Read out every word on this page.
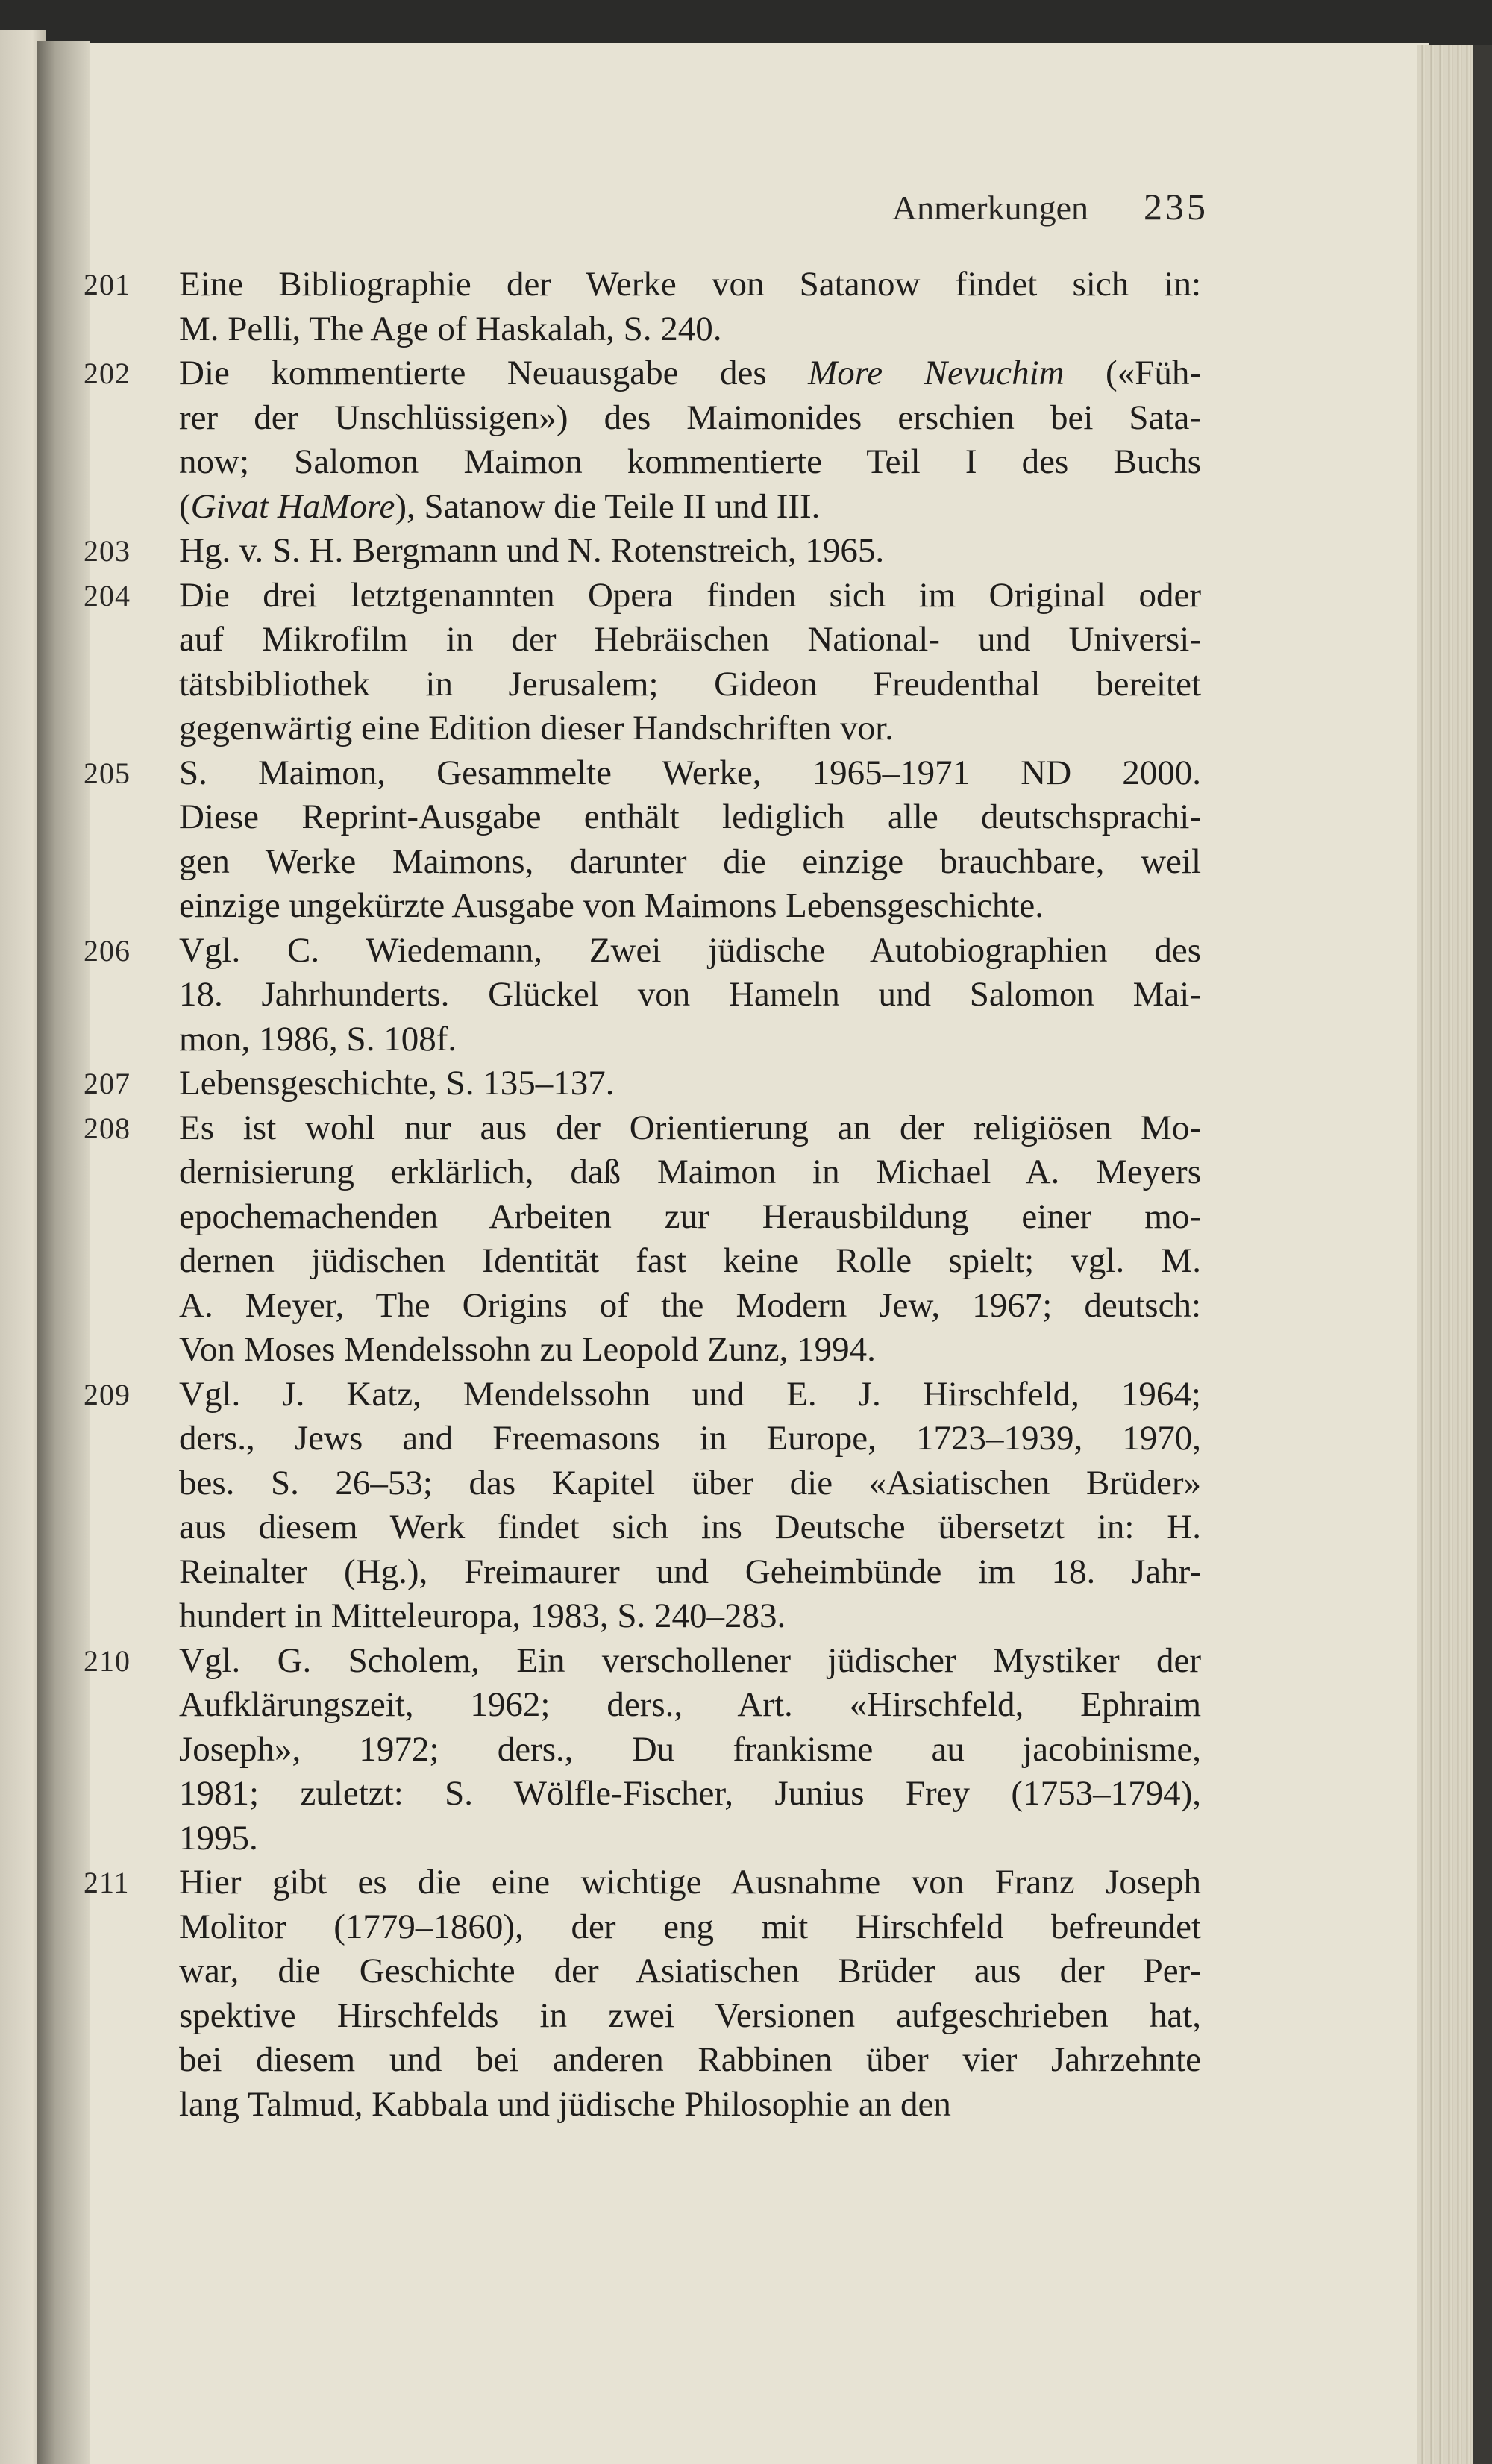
Anmerkungen 235
201 Eine Bibliographie der Werke von Satanow findet sich in:
M. Pelli, The Age of Haskalah, S. 240.
202 Die kommentierte Neuausgabe des More Nevuchim («Füh-
rer der Unschlüssigen») des Maimonides erschien bei Sata-
now; Salomon Maimon kommentierte Teil I des Buchs
(Givat HaMore), Satanow die Teile II und III.
203 Hg. v. S. H. Bergmann und N. Rotenstreich, 1965.
204 Die drei letztgenannten Opera finden sich im Original oder
auf Mikrofilm in der Hebräischen National- und Universi-
tätsbibliothek in Jerusalem; Gideon Freudenthal bereitet
gegenwärtig eine Edition dieser Handschriften vor.
205 S. Maimon, Gesammelte Werke, 1965–1971 ND 2000.
Diese Reprint-Ausgabe enthält lediglich alle deutschsprachi-
gen Werke Maimons, darunter die einzige brauchbare, weil
einzige ungekürzte Ausgabe von Maimons Lebensgeschichte.
206 Vgl. C. Wiedemann, Zwei jüdische Autobiographien des
18. Jahrhunderts. Glückel von Hameln und Salomon Mai-
mon, 1986, S. 108f.
207 Lebensgeschichte, S. 135–137.
208 Es ist wohl nur aus der Orientierung an der religiösen Mo-
dernisierung erklärlich, daß Maimon in Michael A. Meyers
epochemachenden Arbeiten zur Herausbildung einer mo-
dernen jüdischen Identität fast keine Rolle spielt; vgl. M.
A. Meyer, The Origins of the Modern Jew, 1967; deutsch:
Von Moses Mendelssohn zu Leopold Zunz, 1994.
209 Vgl. J. Katz, Mendelssohn und E. J. Hirschfeld, 1964;
ders., Jews and Freemasons in Europe, 1723–1939, 1970,
bes. S. 26–53; das Kapitel über die «Asiatischen Brüder»
aus diesem Werk findet sich ins Deutsche übersetzt in: H.
Reinalter (Hg.), Freimaurer und Geheimbünde im 18. Jahr-
hundert in Mitteleuropa, 1983, S. 240–283.
210 Vgl. G. Scholem, Ein verschollener jüdischer Mystiker der
Aufklärungszeit, 1962; ders., Art. «Hirschfeld, Ephraim
Joseph», 1972; ders., Du frankisme au jacobinisme,
1981; zuletzt: S. Wölfle-Fischer, Junius Frey (1753–1794),
1995.
211 Hier gibt es die eine wichtige Ausnahme von Franz Joseph
Molitor (1779–1860), der eng mit Hirschfeld befreundet
war, die Geschichte der Asiatischen Brüder aus der Per-
spektive Hirschfelds in zwei Versionen aufgeschrieben hat,
bei diesem und bei anderen Rabbinen über vier Jahrzehnte
lang Talmud, Kabbala und jüdische Philosophie an den
